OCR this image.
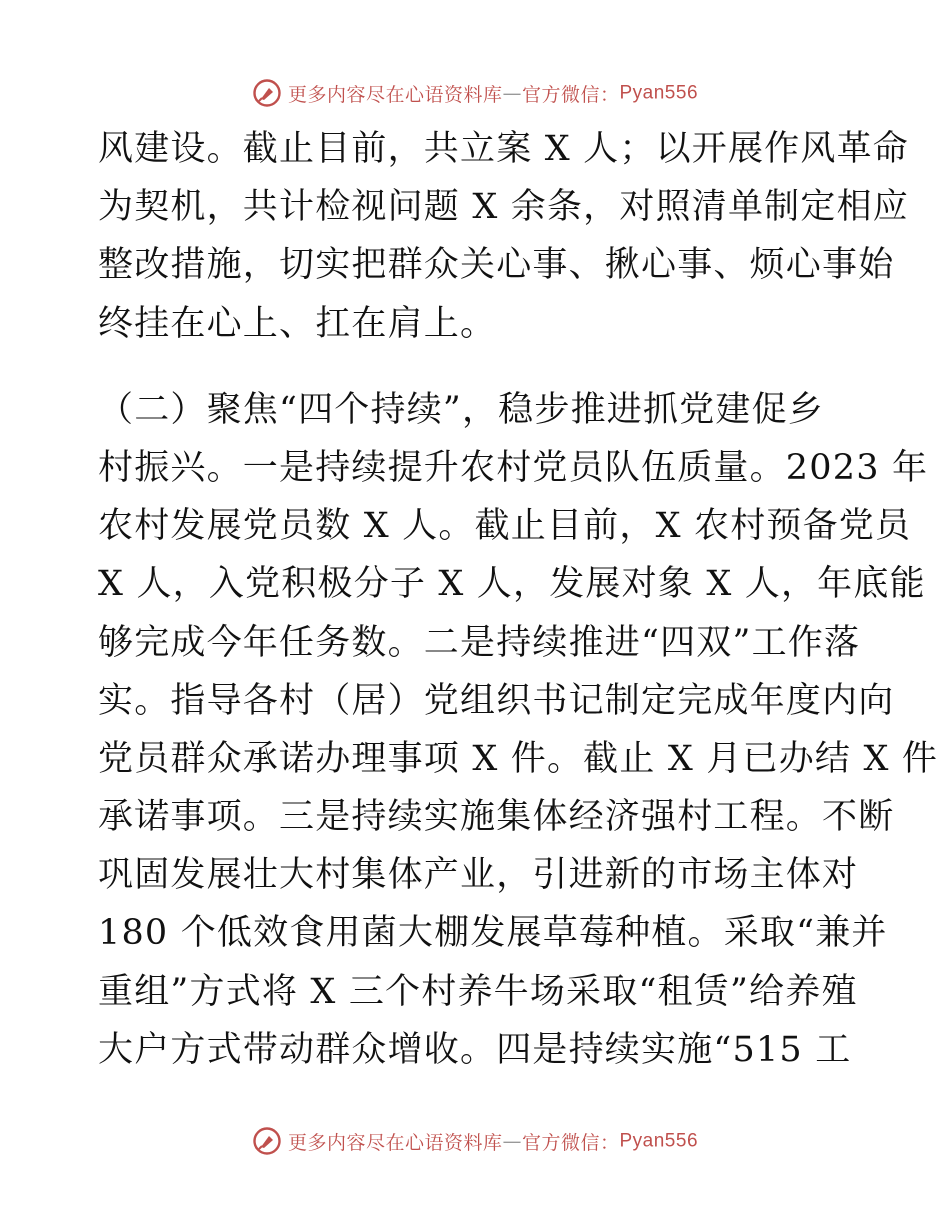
更多内容尽在心语资料库—官方微信：Pyan556
风建设。截止目前，共立案 X 人；以开展作风革命
为契机，共计检视问题 X 余条，对照清单制定相应
整改措施，切实把群众关心事、揪心事、烦心事始
终挂在心上、扛在肩上。
（二）聚焦“四个持续”，稳步推进抓党建促乡
村振兴。一是持续提升农村党员队伍质量。2023 年
农村发展党员数 X 人。截止目前，X 农村预备党员
X 人，入党积极分子 X 人，发展对象 X 人，年底能
够完成今年任务数。二是持续推进“四双”工作落
实。指导各村（居）党组织书记制定完成年度内向
党员群众承诺办理事项 X 件。截止 X 月已办结 X 件
承诺事项。三是持续实施集体经济强村工程。不断
巩固发展壮大村集体产业，引进新的市场主体对
180 个低效食用菌大棚发展草莓种植。采取“兼并
重组”方式将 X 三个村养牛场采取“租赁”给养殖
大户方式带动群众增收。四是持续实施“515 工
更多内容尽在心语资料库—官方微信：Pyan556
